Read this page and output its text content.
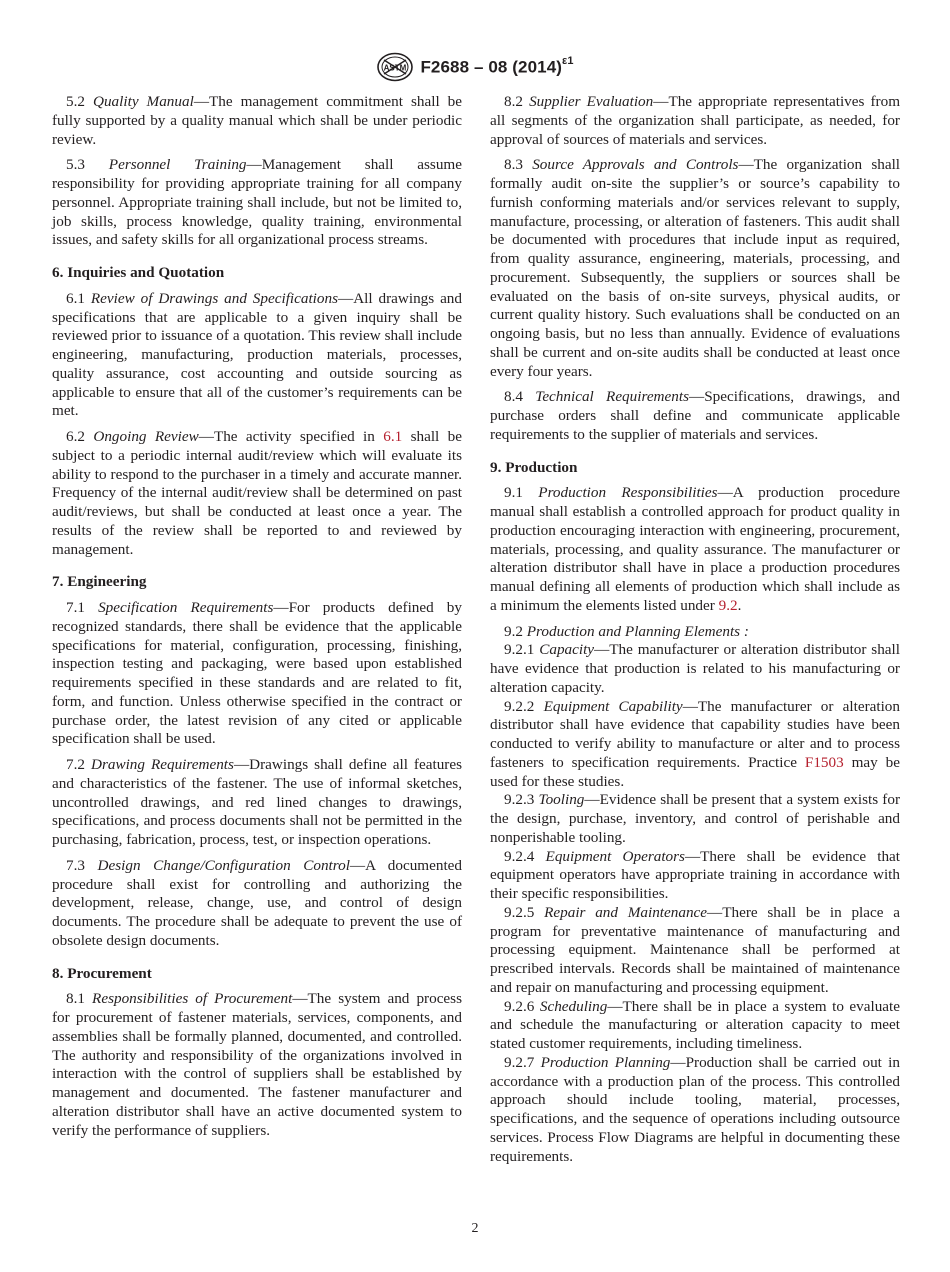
ASTM F2688 – 08 $(2014)^{\varepsilon 1}$

5.2 Quality Manual—The management commitment shall be fully supported by a quality manual which shall be under periodic review.

5.3 Personnel Training—Management shall assume responsibility for providing appropriate training for all company personnel. Appropriate training shall include, but not be limited to, job skills, process knowledge, quality training, environmental issues, and safety skills for all organizational process streams.

6. Inquiries and Quotation

6.1 Review of Drawings and Specifications—All drawings and specifications that are applicable to a given inquiry shall be reviewed prior to issuance of a quotation. This review shall include engineering, manufacturing, production materials, processes, quality assurance, cost accounting and outside sourcing as applicable to ensure that all of the customer’s requirements can be met.

6.2 Ongoing Review—The activity specified in 6.1 shall be subject to a periodic internal audit/review which will evaluate its ability to respond to the purchaser in a timely and accurate manner. Frequency of the internal audit/review shall be determined on past audit/reviews, but shall be conducted at least once a year. The results of the review shall be reported to and reviewed by management.

7. Engineering

7.1 Specification Requirements—For products defined by recognized standards, there shall be evidence that the applicable specifications for material, configuration, processing, finishing, inspection testing and packaging, were based upon established requirements specified in these standards and are related to fit, form, and function. Unless otherwise specified in the contract or purchase order, the latest revision of any cited or applicable specification shall be used.

7.2 Drawing Requirements—Drawings shall define all features and characteristics of the fastener. The use of informal sketches, uncontrolled drawings, and red lined changes to drawings, specifications, and process documents shall not be permitted in the purchasing, fabrication, process, test, or inspection operations.

7.3 Design Change/Configuration Control—A documented procedure shall exist for controlling and authorizing the development, release, change, use, and control of design documents. The procedure shall be adequate to prevent the use of obsolete design documents.

8. Procurement

8.1 Responsibilities of Procurement—The system and process for procurement of fastener materials, services, components, and assemblies shall be formally planned, documented, and controlled. The authority and responsibility of the organizations involved in interaction with the control of suppliers shall be established by management and documented. The fastener manufacturer and alteration distributor shall have an active documented system to verify the performance of suppliers.

8.2 Supplier Evaluation—The appropriate representatives from all segments of the organization shall participate, as needed, for approval of sources of materials and services.

8.3 Source Approvals and Controls—The organization shall formally audit on-site the supplier’s or source’s capability to furnish conforming materials and/or services relevant to supply, manufacture, processing, or alteration of fasteners. This audit shall be documented with procedures that include input as required, from quality assurance, engineering, materials, processing, and procurement. Subsequently, the suppliers or sources shall be evaluated on the basis of on-site surveys, physical audits, or current quality history. Such evaluations shall be conducted on an ongoing basis, but no less than annually. Evidence of evaluations shall be current and on-site audits shall be conducted at least once every four years.

8.4 Technical Requirements—Specifications, drawings, and purchase orders shall define and communicate applicable requirements to the supplier of materials and services.

9. Production

9.1 Production Responsibilities—A production procedure manual shall establish a controlled approach for product quality in production encouraging interaction with engineering, procurement, materials, processing, and quality assurance. The manufacturer or alteration distributor shall have in place a production procedures manual defining all elements of production which shall include as a minimum the elements listed under 9.2.

9.2 Production and Planning Elements :

9.2.1 Capacity—The manufacturer or alteration distributor shall have evidence that production is related to his manufacturing or alteration capacity.

9.2.2 Equipment Capability—The manufacturer or alteration distributor shall have evidence that capability studies have been conducted to verify ability to manufacture or alter and to process fasteners to specification requirements. Practice F1503 may be used for these studies.

9.2.3 Tooling—Evidence shall be present that a system exists for the design, purchase, inventory, and control of perishable and nonperishable tooling.

9.2.4 Equipment Operators—There shall be evidence that equipment operators have appropriate training in accordance with their specific responsibilities.

9.2.5 Repair and Maintenance—There shall be in place a program for preventative maintenance of manufacturing and processing equipment. Maintenance shall be performed at prescribed intervals. Records shall be maintained of maintenance and repair on manufacturing and processing equipment.

9.2.6 Scheduling—There shall be in place a system to evaluate and schedule the manufacturing or alteration capacity to meet stated customer requirements, including timeliness.

9.2.7 Production Planning—Production shall be carried out in accordance with a production plan of the process. This controlled approach should include tooling, material, processes, specifications, and the sequence of operations including outsource services. Process Flow Diagrams are helpful in documenting these requirements.

2
